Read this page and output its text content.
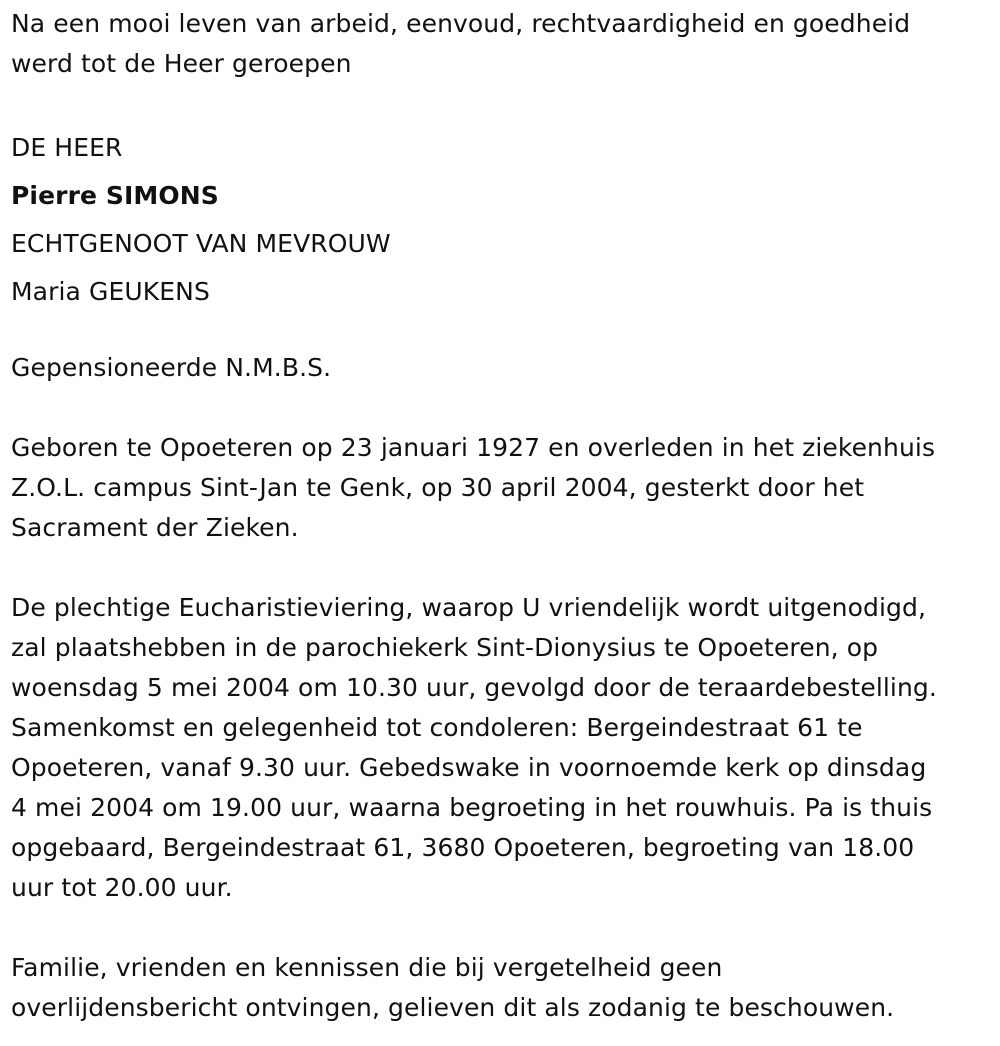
Na een mooi leven van arbeid, eenvoud, rechtvaardigheid en goedheid
werd tot de Heer geroepen
DE HEER
Pierre SIMONS
ECHTGENOOT VAN MEVROUW
Maria GEUKENS
Gepensioneerde N.M.B.S.
Geboren te Opoeteren op 23 januari 1927 en overleden in het ziekenhuis
Z.O.L. campus Sint-Jan te Genk, op 30 april 2004, gesterkt door het
Sacrament der Zieken.
De plechtige Eucharistieviering, waarop U vriendelijk wordt uitgenodigd,
zal plaatshebben in de parochiekerk Sint-Dionysius te Opoeteren, op
woensdag 5 mei 2004 om 10.30 uur, gevolgd door de teraardebestelling.
Samenkomst en gelegenheid tot condoleren: Bergeindestraat 61 te
Opoeteren, vanaf 9.30 uur. Gebedswake in voornoemde kerk op dinsdag
4 mei 2004 om 19.00 uur, waarna begroeting in het rouwhuis. Pa is thuis
opgebaard, Bergeindestraat 61, 3680 Opoeteren, begroeting van 18.00
uur tot 20.00 uur.
Familie, vrienden en kennissen die bij vergetelheid geen
overlijdensbericht ontvingen, gelieven dit als zodanig te beschouwen.
